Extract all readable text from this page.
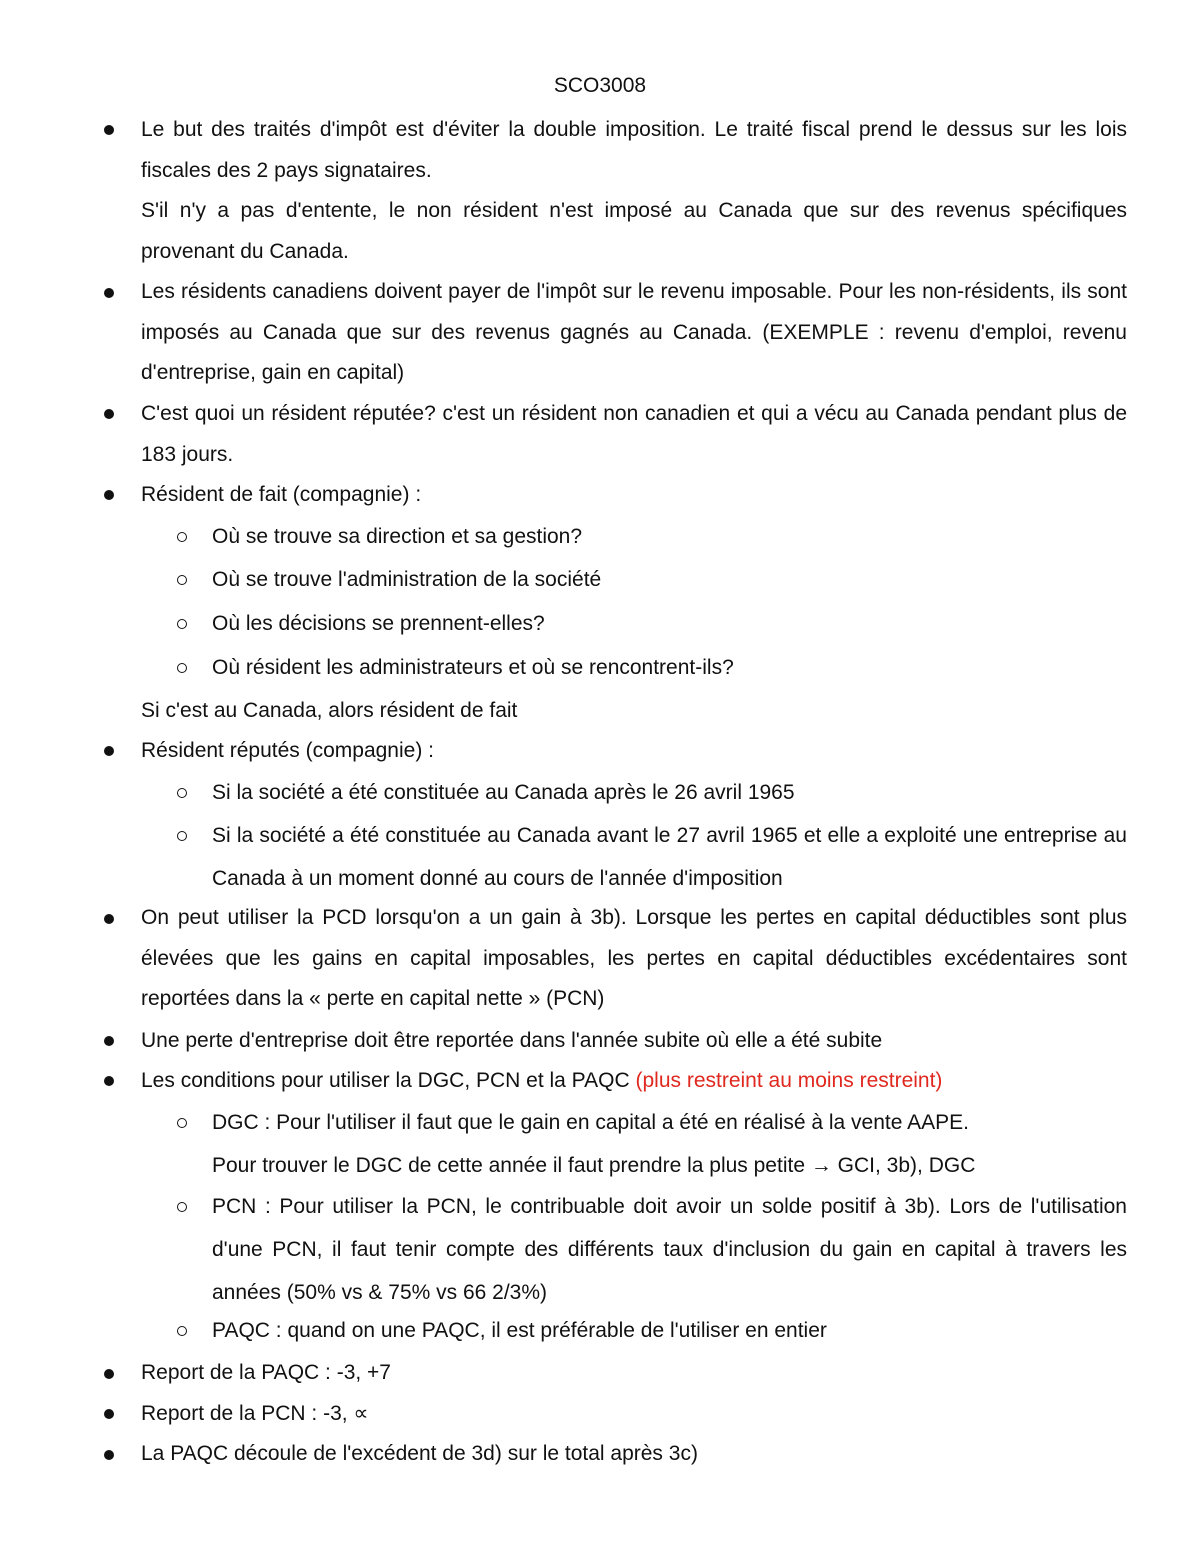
SCO3008
Le but des traités d'impôt est d'éviter la double imposition. Le traité fiscal prend le dessus sur les lois fiscales des 2 pays signataires.
S'il n'y a pas d'entente, le non résident n'est imposé au Canada que sur des revenus spécifiques provenant du Canada.
Les résidents canadiens doivent payer de l'impôt sur le revenu imposable. Pour les non-résidents, ils sont imposés au Canada que sur des revenus gagnés au Canada. (EXEMPLE : revenu d'emploi, revenu d'entreprise, gain en capital)
C'est quoi un résident réputée? c'est un résident non canadien et qui a vécu au Canada pendant plus de 183 jours.
Résident de fait (compagnie) :
Où se trouve sa direction et sa gestion?
Où se trouve l'administration de la société
Où les décisions se prennent-elles?
Où résident les administrateurs et où se rencontrent-ils?
Si c'est au Canada, alors résident de fait
Résident réputés (compagnie) :
Si la société a été constituée au Canada après le 26 avril 1965
Si la société a été constituée au Canada avant le 27 avril 1965 et elle a exploité une entreprise au Canada à un moment donné au cours de l'année d'imposition
On peut utiliser la PCD lorsqu'on a un gain à 3b). Lorsque les pertes en capital déductibles sont plus élevées que les gains en capital imposables, les pertes en capital déductibles excédentaires sont reportées dans la « perte en capital nette » (PCN)
Une perte d'entreprise doit être reportée dans l'année subite où elle a été subite
Les conditions pour utiliser la DGC, PCN et la PAQC (plus restreint au moins restreint)
DGC : Pour l'utiliser il faut que le gain en capital a été en réalisé à la vente AAPE.
Pour trouver le DGC de cette année il faut prendre la plus petite → GCI, 3b), DGC
PCN : Pour utiliser la PCN, le contribuable doit avoir un solde positif à 3b). Lors de l'utilisation d'une PCN, il faut tenir compte des différents taux d'inclusion du gain en capital à travers les années (50% vs & 75% vs 66 2/3%)
PAQC : quand on une PAQC, il est préférable de l'utiliser en entier
Report de la PAQC : -3, +7
Report de la PCN : -3, ∝
La PAQC découle de l'excédent de 3d) sur le total après 3c)
